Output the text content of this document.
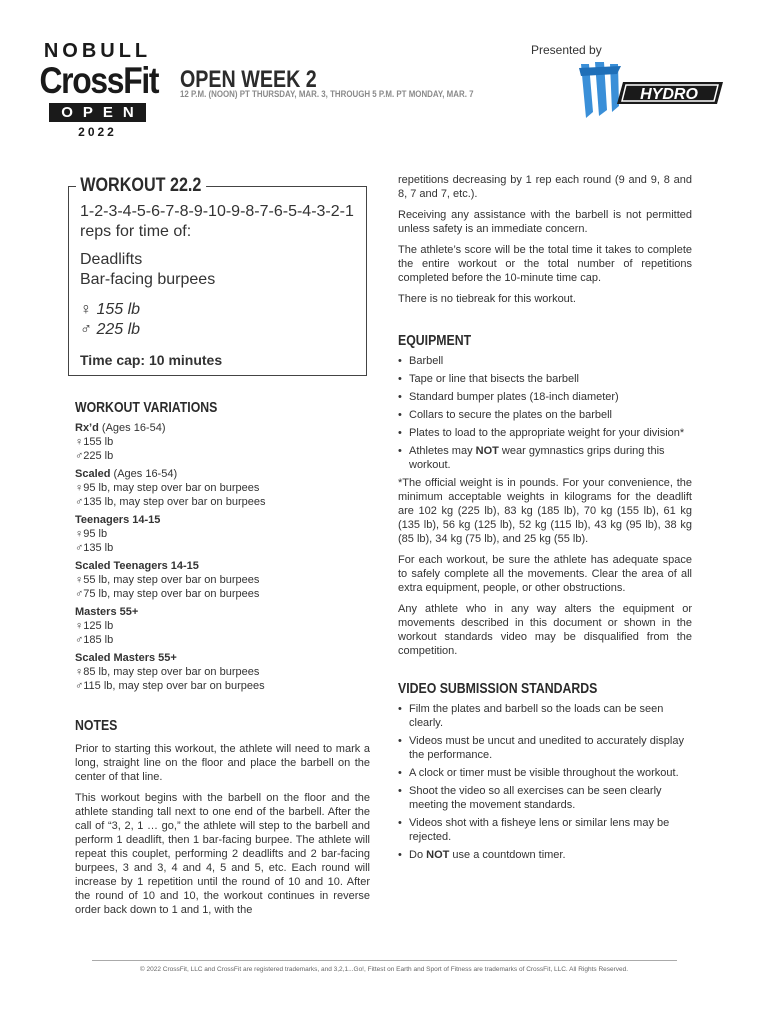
NOBULL
CrossFit
OPEN
2022
OPEN WEEK 2
12 P.M. (NOON) PT THURSDAY, MAR. 3, THROUGH 5 P.M. PT MONDAY, MAR. 7
Presented by
HYDRO
WORKOUT 22.2
1-2-3-4-5-6-7-8-9-10-9-8-7-6-5-4-3-2-1
reps for time of:
Deadlifts
Bar-facing burpees
♀ 155 lb
♂ 225 lb
Time cap: 10 minutes
WORKOUT VARIATIONS
Rx’d (Ages 16-54)
♀155 lb
♂225 lb
Scaled (Ages 16-54)
♀95 lb, may step over bar on burpees
♂135 lb, may step over bar on burpees
Teenagers 14-15
♀95 lb
♂135 lb
Scaled Teenagers 14-15
♀55 lb, may step over bar on burpees
♂75 lb, may step over bar on burpees
Masters 55+
♀125 lb
♂185 lb
Scaled Masters 55+
♀85 lb, may step over bar on burpees
♂115 lb, may step over bar on burpees
NOTES
Prior to starting this workout, the athlete will need to mark a long, straight line on the floor and place the barbell on the center of that line.
This workout begins with the barbell on the floor and the athlete standing tall next to one end of the barbell. After the call of “3, 2, 1 … go,” the athlete will step to the barbell and perform 1 deadlift, then 1 bar-facing burpee. The athlete will repeat this couplet, performing 2 deadlifts and 2 bar-facing burpees, 3 and 3, 4 and 4, 5 and 5, etc. Each round will increase by 1 repetition until the round of 10 and 10. After the round of 10 and 10, the workout continues in reverse order back down to 1 and 1, with the
repetitions decreasing by 1 rep each round (9 and 9, 8 and 8, 7 and 7, etc.).
Receiving any assistance with the barbell is not permitted unless safety is an immediate concern.
The athlete’s score will be the total time it takes to complete the entire workout or the total number of repetitions completed before the 10-minute time cap.
There is no tiebreak for this workout.
EQUIPMENT
• Barbell
• Tape or line that bisects the barbell
• Standard bumper plates (18-inch diameter)
• Collars to secure the plates on the barbell
• Plates to load to the appropriate weight for your division*
• Athletes may NOT wear gymnastics grips during this workout.
*The official weight is in pounds. For your convenience, the minimum acceptable weights in kilograms for the deadlift are 102 kg (225 lb), 83 kg (185 lb), 70 kg (155 lb), 61 kg (135 lb), 56 kg (125 lb), 52 kg (115 lb), 43 kg (95 lb), 38 kg (85 lb), 34 kg (75 lb), and 25 kg (55 lb).
For each workout, be sure the athlete has adequate space to safely complete all the movements. Clear the area of all extra equipment, people, or other obstructions.
Any athlete who in any way alters the equipment or movements described in this document or shown in the workout standards video may be disqualified from the competition.
VIDEO SUBMISSION STANDARDS
• Film the plates and barbell so the loads can be seen clearly.
• Videos must be uncut and unedited to accurately display the performance.
• A clock or timer must be visible throughout the workout.
• Shoot the video so all exercises can be seen clearly meeting the movement standards.
• Videos shot with a fisheye lens or similar lens may be rejected.
• Do NOT use a countdown timer.
© 2022 CrossFit, LLC and CrossFit are registered trademarks, and 3,2,1...Go!, Fittest on Earth and Sport of Fitness are trademarks of CrossFit, LLC. All Rights Reserved.
